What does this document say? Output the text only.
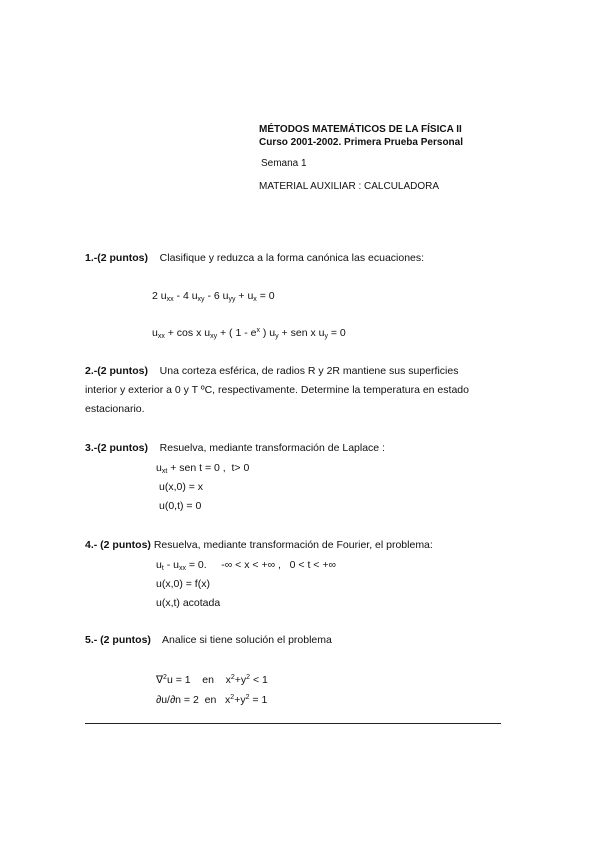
MÉTODOS MATEMÁTICOS DE LA FÍSICA II
Curso 2001-2002. Primera Prueba Personal
Semana 1
MATERIAL AUXILIAR : CALCULADORA
1.-(2 puntos) Clasifique y reduzca a la forma canónica las ecuaciones:
2 $u_{xx} - 4$ $u_{xy} - 6$ $u_{yy} + u_x = 0$
$u_{xx} + \cos x$ $u_{xy}$ + ( $1 - e^x$ ) $u_y$ + sen x $u_y = 0$
2.-(2 puntos) Una corteza esférica, de radios R y 2R mantiene sus superficies interior y exterior a 0 y T ºC, respectivamente. Determine la temperatura en estado estacionario.
3.-(2 puntos) Resuelva, mediante transformación de Laplace :
$u_{xt}$ + sen t = 0 ,  t> 0
u(x,0) = x
u(0,t) = 0
4.- (2 puntos) Resuelva, mediante transformación de Fourier, el problema:
$u_t - u_{xx} = 0$.     -∞ < x < +∞ ,   0 < t < +∞
u(x,0) = f(x)
u(x,t) acotada
5.- (2 puntos) Analice si tiene solución el problema
∇$^2$u = 1    en    $x^2+y^2 < 1$
∂u/∂n = 2  en   $x^2+y^2 = 1$
